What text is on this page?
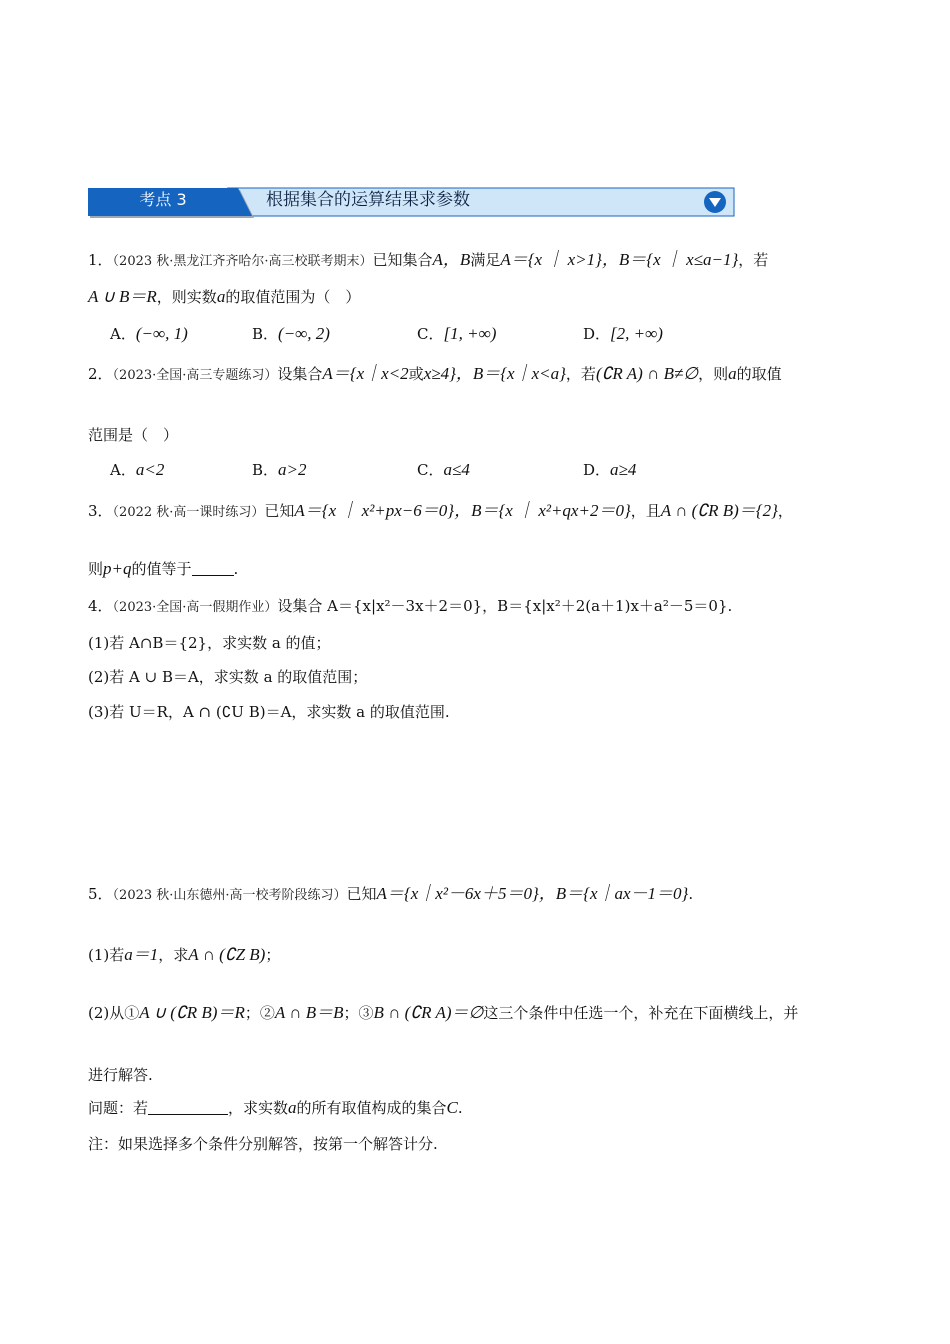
考点 3	根据集合的运算结果求参数
1．（2023 秋·黑龙江齐齐哈尔·高三校联考期末）已知集合A，B满足A＝{x ｜ x>1}，B＝{x ｜ x≤a−1}，若
A ∪ B＝R，则实数a的取值范围为（　）
A．(−∞, 1)	B．(−∞, 2)	C．[1, +∞)	D．[2, +∞)
2．（2023·全国·高三专题练习）设集合A＝{x｜x<2或x≥4}，B＝{x｜x<a}，若(∁R A) ∩ B≠∅，则a的取值
范围是（　）
A．a<2	B．a>2	C．a≤4	D．a≥4
3．（2022 秋·高一课时练习）已知A＝{x ｜ x²+px−6＝0}，B＝{x ｜ x²+qx+2＝0}，且A ∩ (∁R B)＝{2}，
则p+q的值等于	.
4．（2023·全国·高一假期作业）设集合 A＝{x|x²－3x＋2＝0}，B＝{x|x²＋2(a＋1)x＋a²－5＝0}.
(1)若 A∩B＝{2}，求实数 a 的值；
(2)若 A ∪ B＝A，求实数 a 的取值范围；
(3)若 U＝R，A ∩ (∁U B)＝A，求实数 a 的取值范围.
5．（2023 秋·山东德州·高一校考阶段练习）已知A＝{x｜x²－6x＋5＝0}，B＝{x｜ax－1＝0}.
(1)若a＝1，求A ∩ (∁Z B)；
(2)从①A ∪ (∁R B)＝R；②A ∩ B＝B；③B ∩ (∁R A)＝∅这三个条件中任选一个，补充在下面横线上，并
进行解答.
问题：若	，求实数a的所有取值构成的集合C.
注：如果选择多个条件分别解答，按第一个解答计分.
